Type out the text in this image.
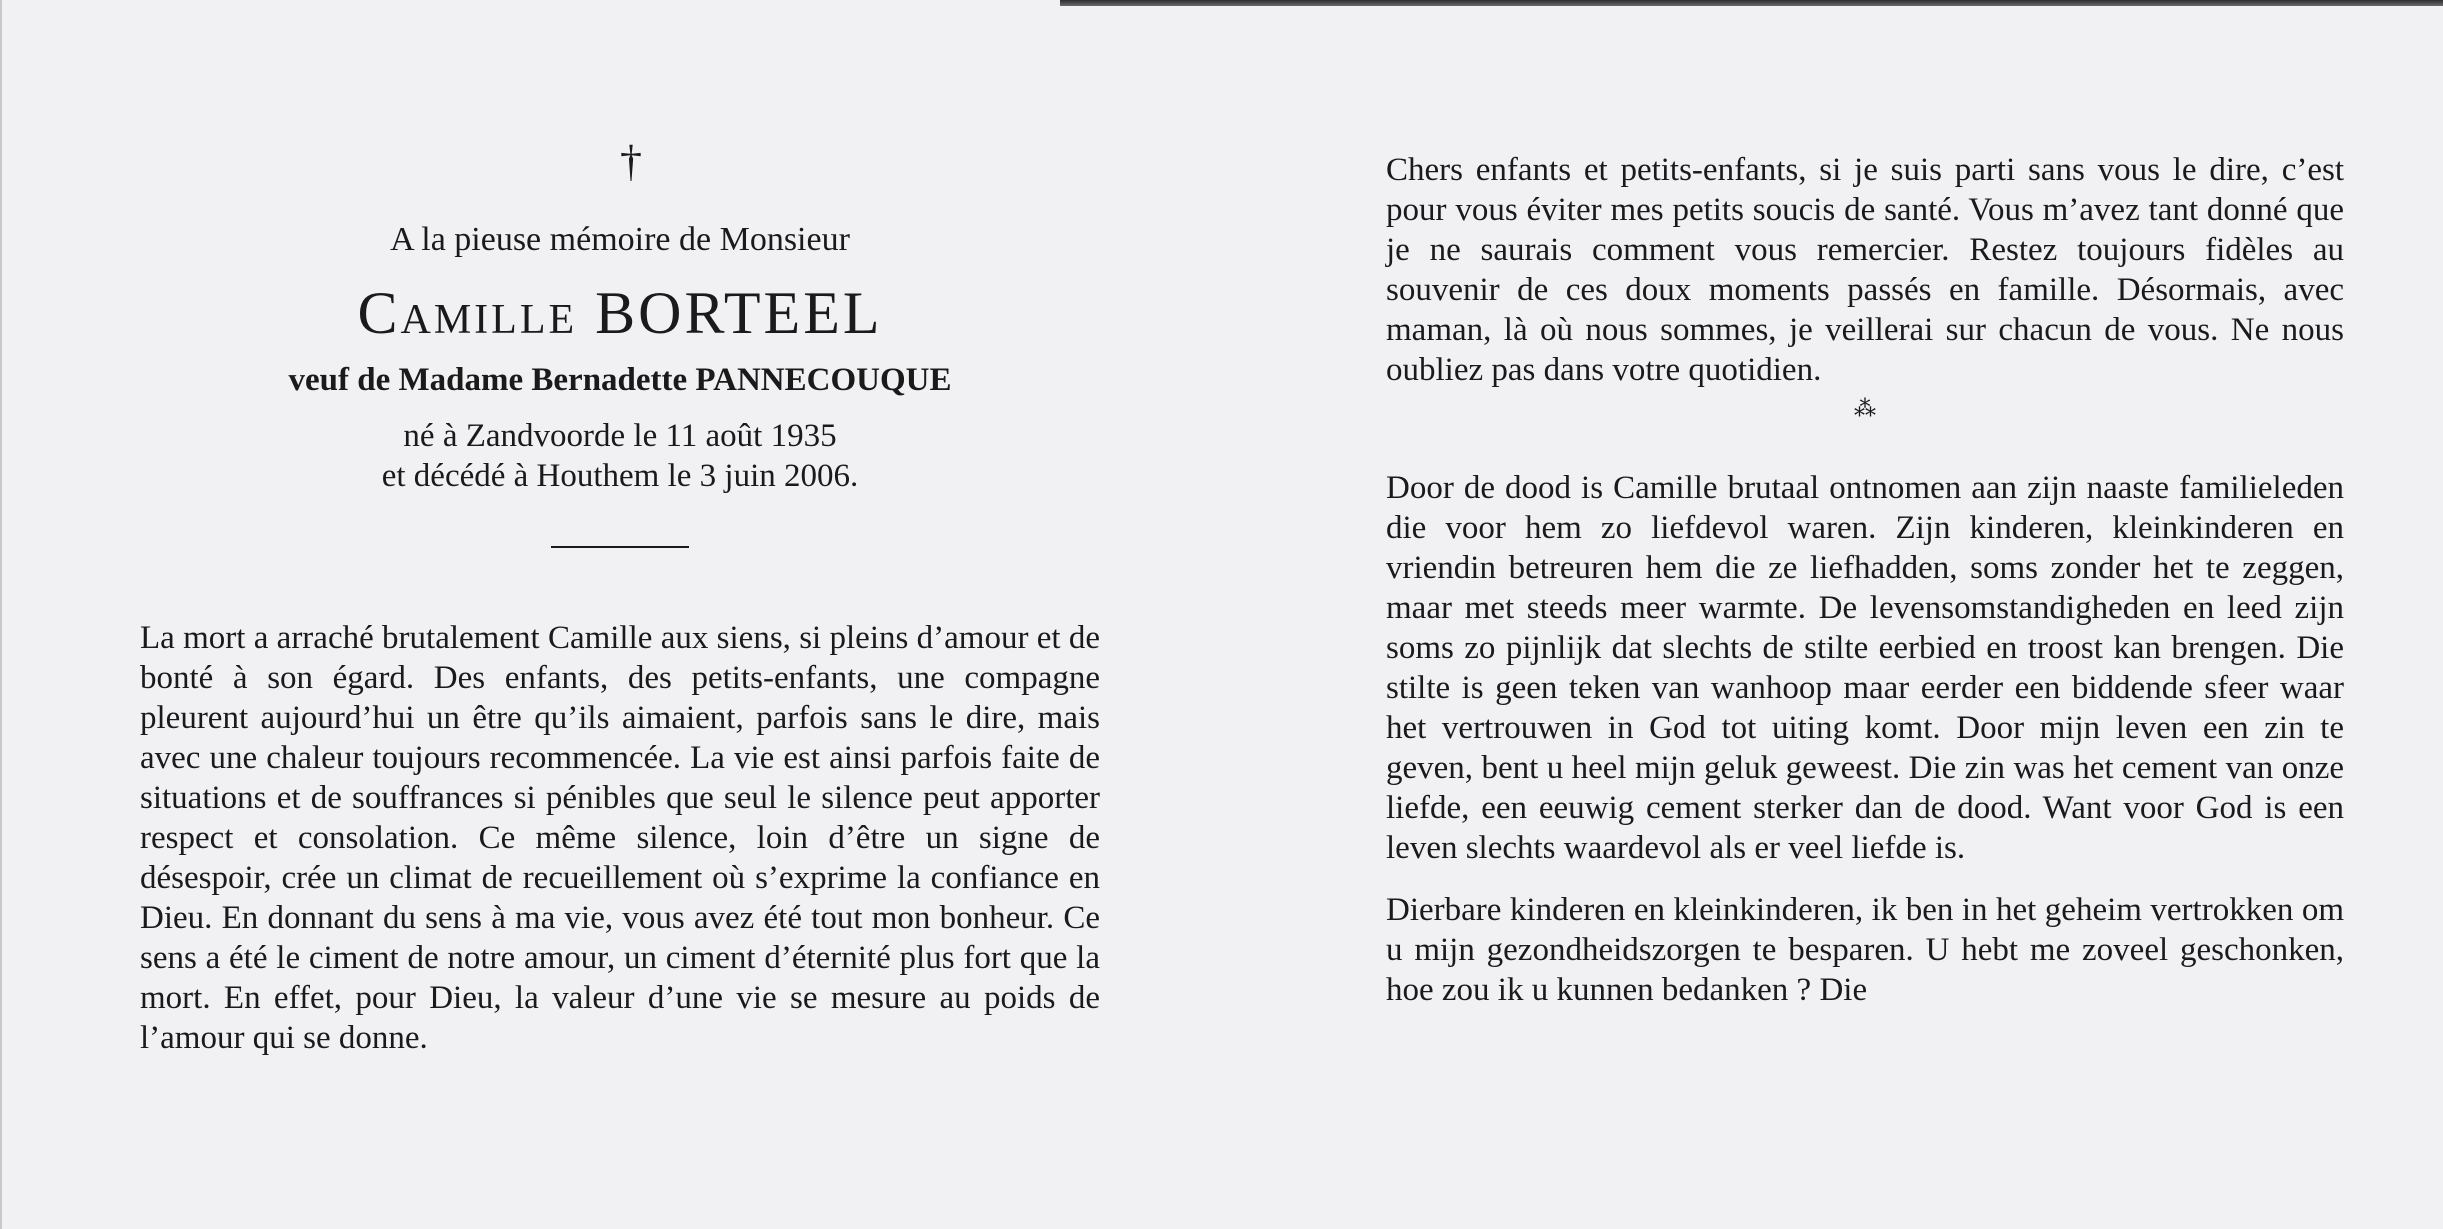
†
A la pieuse mémoire de Monsieur
Camille BORTEEL
veuf de Madame Bernadette PANNECOUQUE
né à Zandvoorde le 11 août 1935
et décédé à Houthem le 3 juin 2006.

La mort a arraché brutalement Camille aux siens, si pleins d’amour et de bonté à son égard. Des enfants, des petits-enfants, une compagne pleurent aujourd’hui un être qu’ils aimaient, parfois sans le dire, mais avec une chaleur toujours recommencée. La vie est ainsi parfois faite de situations et de souffrances si pénibles que seul le silence peut apporter respect et consolation. Ce même silence, loin d’être un signe de désespoir, crée un climat de recueillement où s’exprime la confiance en Dieu. En donnant du sens à ma vie, vous avez été tout mon bonheur. Ce sens a été le ciment de notre amour, un ciment d’éternité plus fort que la mort. En effet, pour Dieu, la valeur d’une vie se mesure au poids de l’amour qui se donne.

Chers enfants et petits-enfants, si je suis parti sans vous le dire, c’est pour vous éviter mes petits soucis de santé. Vous m’avez tant donné que je ne saurais comment vous remercier. Restez toujours fidèles au souvenir de ces doux moments passés en famille. Désormais, avec maman, là où nous sommes, je veillerai sur chacun de vous. Ne nous oubliez pas dans votre quotidien.

⁂

Door de dood is Camille brutaal ontnomen aan zijn naaste familieleden die voor hem zo liefdevol waren. Zijn kinderen, kleinkinderen en vriendin betreuren hem die ze liefhadden, soms zonder het te zeggen, maar met steeds meer warmte. De levensomstandigheden en leed zijn soms zo pijnlijk dat slechts de stilte eerbied en troost kan brengen. Die stilte is geen teken van wanhoop maar eerder een biddende sfeer waar het vertrouwen in God tot uiting komt. Door mijn leven een zin te geven, bent u heel mijn geluk geweest. Die zin was het cement van onze liefde, een eeuwig cement sterker dan de dood. Want voor God is een leven slechts waardevol als er veel liefde is.

Dierbare kinderen en kleinkinderen, ik ben in het geheim vertrokken om u mijn gezondheidszorgen te besparen. U hebt me zoveel geschonken, hoe zou ik u kunnen bedanken ? Die
